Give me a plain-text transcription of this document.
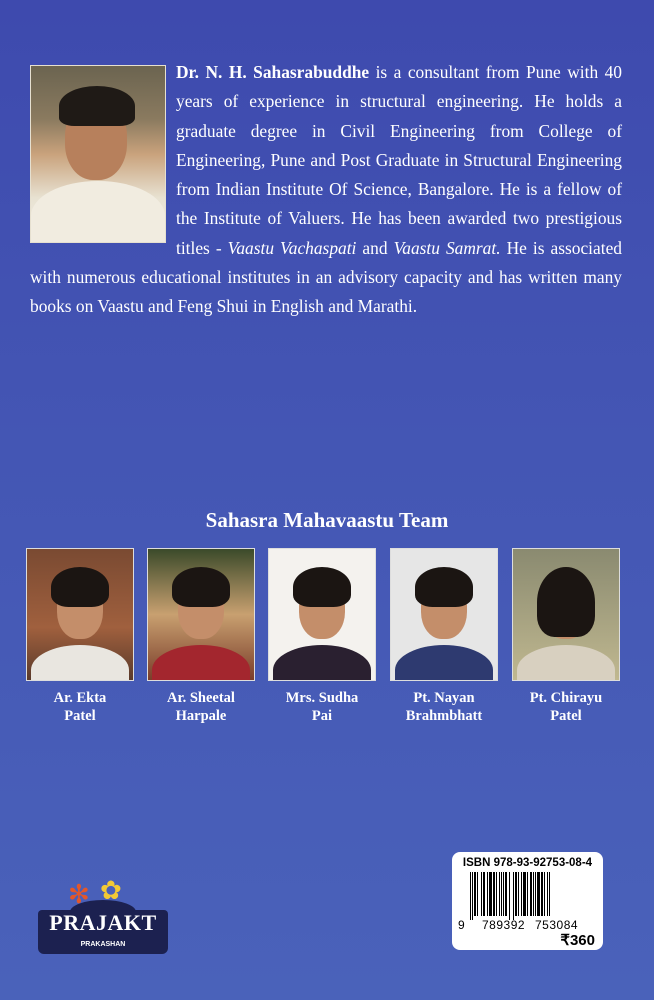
Dr. N. H. Sahasrabuddhe is a consultant from Pune with 40 years of experience in structural engineering. He holds a graduate degree in Civil Engineering from College of Engineering, Pune and Post Graduate in Structural Engineering from Indian Institute Of Science, Bangalore. He is a fellow of the Institute of Valuers. He has been awarded two prestigious titles - Vaastu Vachaspati and Vaastu Samrat. He is associated with numerous educational institutes in an advisory capacity and has written many books on Vaastu and Feng Shui in English and Marathi.
Sahasra Mahavaastu Team
Ar. Ekta
Patel
Ar. Sheetal
Harpale
Mrs. Sudha
Pai
Pt. Nayan
Brahmbhatt
Pt. Chirayu
Patel
✻ ✿
PRAJAKT
PRAKASHAN
ISBN 978-93-92753-08-4
9 789392 753084
₹360
